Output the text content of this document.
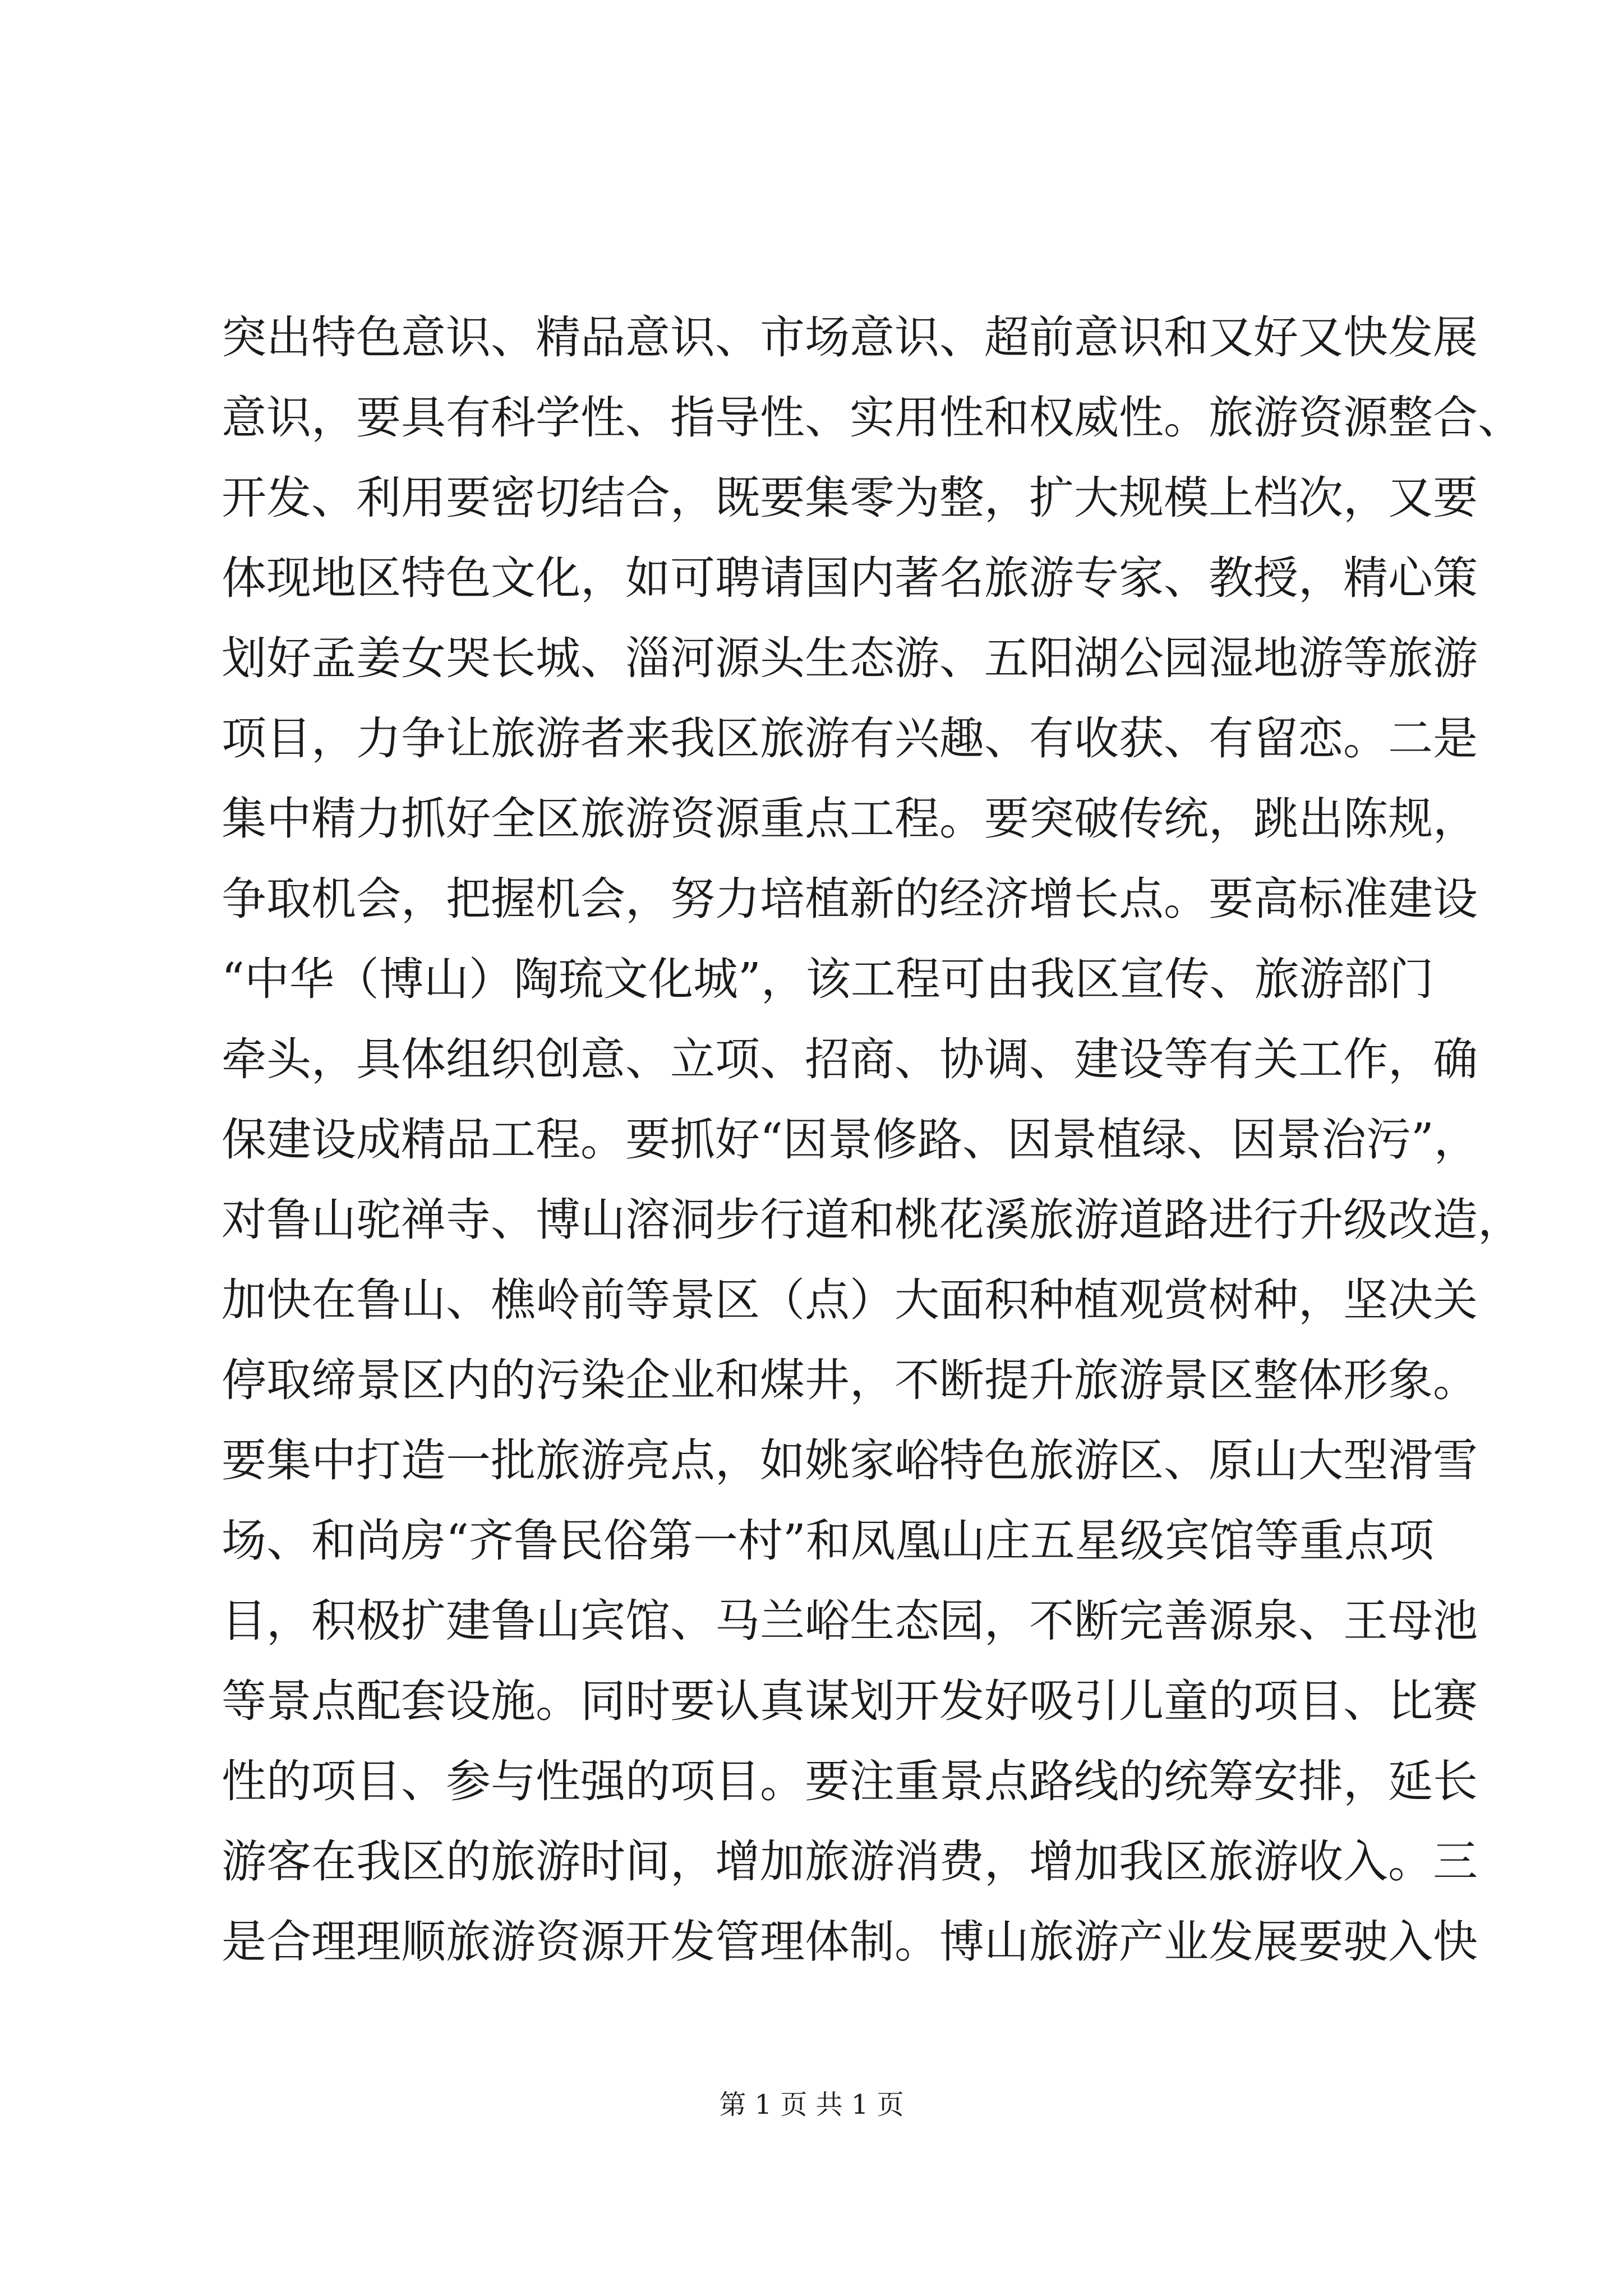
突出特色意识、精品意识、市场意识、超前意识和又好又快发展
意识，要具有科学性、指导性、实用性和权威性。旅游资源整合、
开发、利用要密切结合，既要集零为整，扩大规模上档次，又要
体现地区特色文化，如可聘请国内著名旅游专家、教授，精心策
划好孟姜女哭长城、淄河源头生态游、五阳湖公园湿地游等旅游
项目，力争让旅游者来我区旅游有兴趣、有收获、有留恋。二是
集中精力抓好全区旅游资源重点工程。要突破传统，跳出陈规，
争取机会，把握机会，努力培植新的经济增长点。要高标准建设
“中华（博山）陶琉文化城”，该工程可由我区宣传、旅游部门
牵头，具体组织创意、立项、招商、协调、建设等有关工作，确
保建设成精品工程。要抓好“因景修路、因景植绿、因景治污”，
对鲁山驼禅寺、博山溶洞步行道和桃花溪旅游道路进行升级改造，
加快在鲁山、樵岭前等景区（点）大面积种植观赏树种，坚决关
停取缔景区内的污染企业和煤井，不断提升旅游景区整体形象。
要集中打造一批旅游亮点，如姚家峪特色旅游区、原山大型滑雪
场、和尚房“齐鲁民俗第一村”和凤凰山庄五星级宾馆等重点项
目，积极扩建鲁山宾馆、马兰峪生态园，不断完善源泉、王母池
等景点配套设施。同时要认真谋划开发好吸引儿童的项目、比赛
性的项目、参与性强的项目。要注重景点路线的统筹安排，延长
游客在我区的旅游时间，增加旅游消费，增加我区旅游收入。三
是合理理顺旅游资源开发管理体制。博山旅游产业发展要驶入快
第 1 页 共 1 页
